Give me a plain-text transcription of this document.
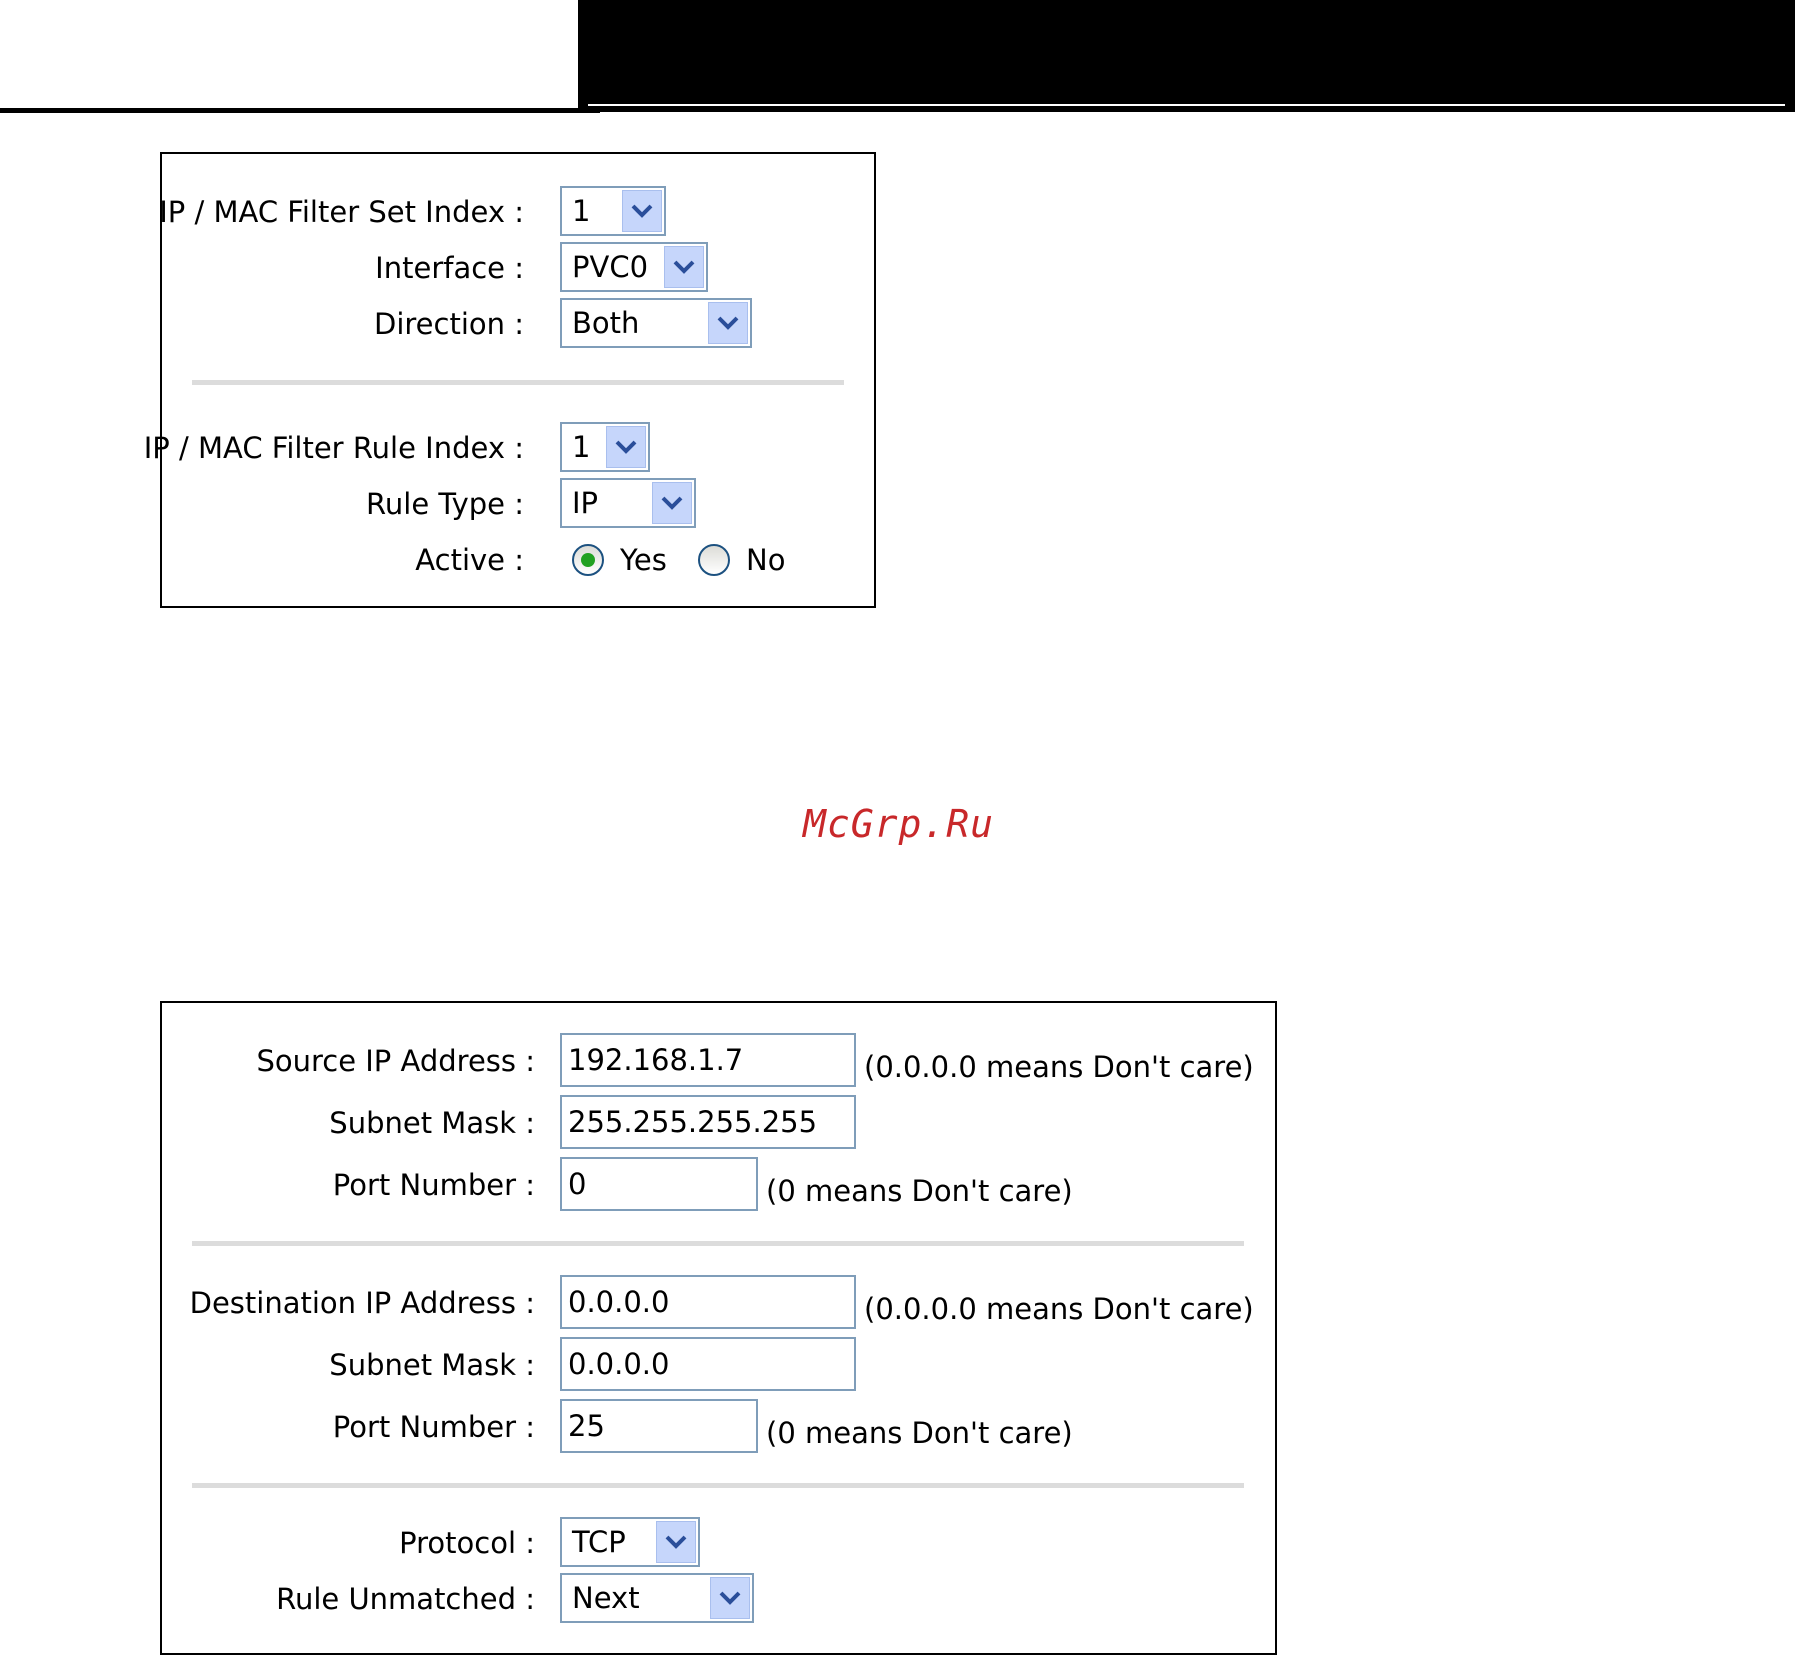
IP / MAC Filter Set Index : 1
Interface : PVC0
Direction : Both
IP / MAC Filter Rule Index : 1
Rule Type : IP
Active :	Yes	No
McGrp.Ru
Source IP Address : 192.168.1.7	(0.0.0.0 means Don't care)
Subnet Mask : 255.255.255.255
Port Number : 0	(0 means Don't care)
Destination IP Address : 0.0.0.0	(0.0.0.0 means Don't care)
Subnet Mask : 0.0.0.0
Port Number : 25	(0 means Don't care)
Protocol : TCP
Rule Unmatched : Next
